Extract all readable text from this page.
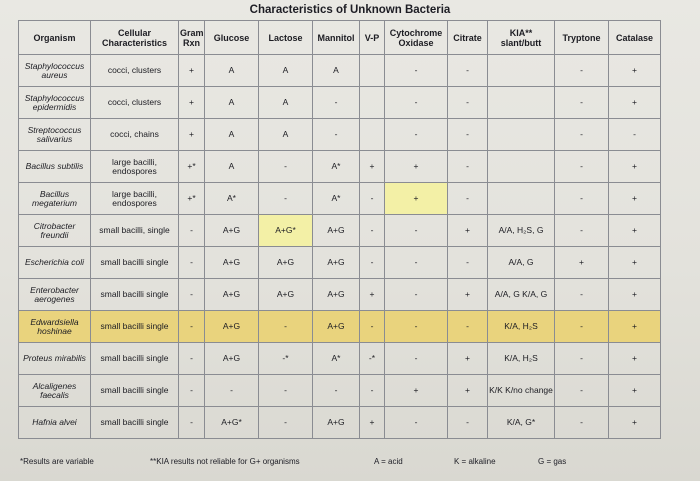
Characteristics of Unknown Bacteria
Organism	Cellular Characteristics	Gram Rxn	Glucose	Lactose	Mannitol	V-P	Cytochrome Oxidase	Citrate	KIA** slant/butt	Tryptone	Catalase
Staphylococcus aureus	cocci, clusters	+	A	A	A		-	-		-	+
Staphylococcus epidermidis	cocci, clusters	+	A	A	-		-	-		-	+
Streptococcus salivarius	cocci, chains	+	A	A	-		-	-		-	-
Bacillus subtilis	large bacilli, endospores	+*	A	-	A*	+	+	-		-	+
Bacillus megaterium	large bacilli, endospores	+*	A*	-	A*	-	+	-		-	+
Citrobacter freundii	small bacilli, single	-	A+G	A+G*	A+G	-	-	+	A/A, H₂S, G	-	+
Escherichia coli	small bacilli single	-	A+G	A+G	A+G	-	-	-	A/A, G	+	+
Enterobacter aerogenes	small bacilli single	-	A+G	A+G	A+G	+	-	+	A/A, G K/A, G	-	+
Edwardsiella hoshinae	small bacilli single	-	A+G	-	A+G	-	-	-	K/A, H₂S	-	+
Proteus mirabilis	small bacilli single	-	A+G	-*	A*	-*	-	+	K/A, H₂S	-	+
Alcaligenes faecalis	small bacilli single	-	-	-	-	-	+	+	K/K K/no change	-	+
Hafnia alvei	small bacilli single	-	A+G*	-	A+G	+	-	-	K/A, G*	-	+
*Results are variable	**KIA results not reliable for G+ organisms	A = acid	K = alkaline	G = gas
